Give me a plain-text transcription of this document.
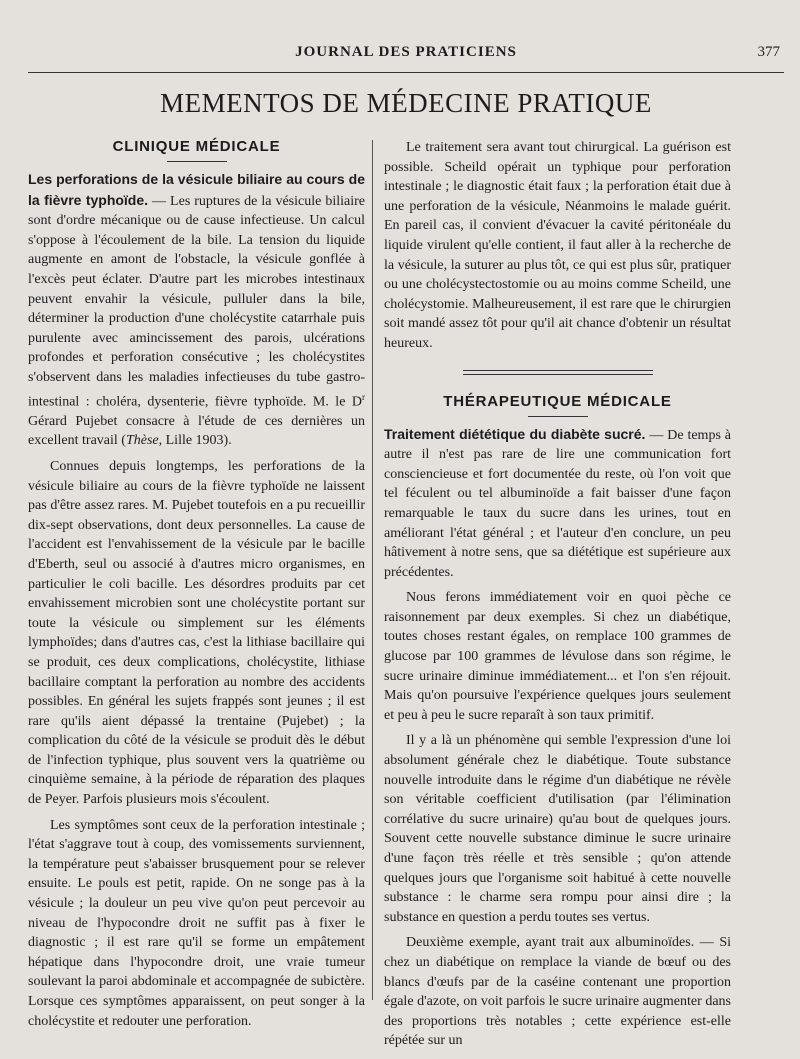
JOURNAL DES PRATICIENS	377
MEMENTOS DE MÉDECINE PRATIQUE
CLINIQUE MÉDICALE

Les perforations de la vésicule biliaire au cours de la fièvre typhoïde. — Les ruptures de la vésicule biliaire sont d'ordre mécanique ou de cause infectieuse. Un calcul s'oppose à l'écoulement de la bile. La tension du liquide augmente en amont de l'obstacle, la vésicule gonflée à l'excès peut éclater. D'autre part les microbes intestinaux peuvent envahir la vésicule, pulluler dans la bile, déterminer la production d'une cholécystite catarrhale puis purulente avec amincissement des parois, ulcérations profondes et perforation consécutive ; les cholécystites s'observent dans les maladies infectieuses du tube gastro-intestinal : choléra, dysenterie, fièvre typhoïde. M. le $D^r$ Gérard Pujebet consacre à l'étude de ces dernières un excellent travail (Thèse, Lille 1903).

Connues depuis longtemps, les perforations de la vésicule biliaire au cours de la fièvre typhoïde ne laissent pas d'être assez rares. M. Pujebet toutefois en a pu recueillir dix-sept observations, dont deux personnelles. La cause de l'accident est l'envahissement de la vésicule par le bacille d'Eberth, seul ou associé à d'autres micro organismes, en particulier le coli bacille. Les désordres produits par cet envahissement microbien sont une cholécystite portant sur toute la vésicule ou simplement sur les éléments lymphoïdes; dans d'autres cas, c'est la lithiase bacillaire qui se produit, ces deux complications, cholécystite, lithiase bacillaire comptant la perforation au nombre des accidents possibles. En général les sujets frappés sont jeunes ; il est rare qu'ils aient dépassé la trentaine (Pujebet) ; la complication du côté de la vésicule se produit dès le début de l'infection typhique, plus souvent vers la quatrième ou cinquième semaine, à la période de réparation des plaques de Peyer. Parfois plusieurs mois s'écoulent.

Les symptômes sont ceux de la perforation intestinale ; l'état s'aggrave tout à coup, des vomissements surviennent, la température peut s'abaisser brusquement pour se relever ensuite. Le pouls est petit, rapide. On ne songe pas à la vésicule ; la douleur un peu vive qu'on peut percevoir au niveau de l'hypocondre droit ne suffit pas à fixer le diagnostic ; il est rare qu'il se forme un empâtement hépatique dans l'hypocondre droit, une vraie tumeur soulevant la paroi abdominale et accompagnée de subictère. Lorsque ces symptômes apparaissent, on peut songer à la cholécystite et redouter une perforation.

Le traitement sera avant tout chirurgical. La guérison est possible. Scheild opérait un typhique pour perforation intestinale ; le diagnostic était faux ; la perforation était due à une perforation de la vésicule, Néanmoins le malade guérit. En pareil cas, il convient d'évacuer la cavité péritonéale du liquide virulent qu'elle contient, il faut aller à la recherche de la vésicule, la suturer au plus tôt, ce qui est plus sûr, pratiquer ou une cholécystectostomie ou au moins comme Scheild, une cholécystomie. Malheureusement, il est rare que le chirurgien soit mandé assez tôt pour qu'il ait chance d'obtenir un résultat heureux.

THÉRAPEUTIQUE MÉDICALE

Traitement diététique du diabète sucré. — De temps à autre il n'est pas rare de lire une communication fort consciencieuse et fort documentée du reste, où l'on voit que tel féculent ou tel albuminoïde a fait baisser d'une façon remarquable le taux du sucre dans les urines, tout en améliorant l'état général ; et l'auteur d'en conclure, un peu hâtivement à notre sens, que sa diététique est supérieure aux précédentes.

Nous ferons immédiatement voir en quoi pèche ce raisonnement par deux exemples. Si chez un diabétique, toutes choses restant égales, on remplace 100 grammes de glucose par 100 grammes de lévulose dans son régime, le sucre urinaire diminue immédiatement... et l'on s'en réjouit. Mais qu'on poursuive l'expérience quelques jours seulement et peu à peu le sucre reparaît à son taux primitif.

Il y a là un phénomène qui semble l'expression d'une loi absolument générale chez le diabétique. Toute substance nouvelle introduite dans le régime d'un diabétique ne révèle son véritable coefficient d'utilisation (par l'élimination corrélative du sucre urinaire) qu'au bout de quelques jours. Souvent cette nouvelle substance diminue le sucre urinaire d'une façon très réelle et très sensible ; qu'on attende quelques jours que l'organisme soit habitué à cette nouvelle substance : le charme sera rompu pour ainsi dire ; la substance en question a perdu toutes ses vertus.

Deuxième exemple, ayant trait aux albuminoïdes. — Si chez un diabétique on remplace la viande de bœuf ou des blancs d'œufs par de la caséine contenant une proportion égale d'azote, on voit parfois le sucre urinaire augmenter dans des proportions très notables ; cette expérience est-elle répétée sur un
